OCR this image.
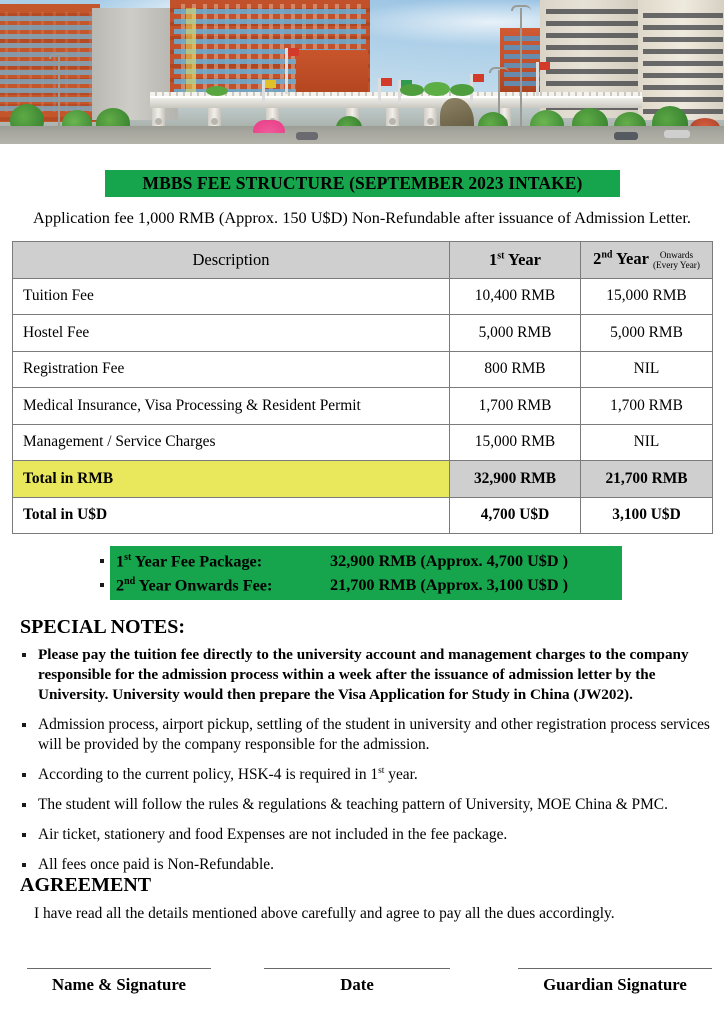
MBBS FEE STRUCTURE (SEPTEMBER 2023 INTAKE)
Application fee 1,000 RMB (Approx. 150 U$D) Non-Refundable after issuance of Admission Letter.
Description	1st Year	2nd Year Onwards
(Every Year)
Tuition Fee	10,400 RMB	15,000 RMB
Hostel Fee	5,000 RMB	5,000 RMB
Registration Fee	800 RMB	NIL
Medical Insurance, Visa Processing & Resident Permit	1,700 RMB	1,700 RMB
Management / Service Charges	15,000 RMB	NIL
Total in RMB	32,900 RMB	21,700 RMB
Total in U$D	4,700 U$D	3,100 U$D
1st Year Fee Package:	32,900 RMB (Approx. 4,700 U$D )
2nd Year Onwards Fee:	21,700 RMB (Approx. 3,100 U$D )
SPECIAL NOTES:
Please pay the tuition fee directly to the university account and management charges to the company responsible for the admission process within a week after the issuance of admission letter by the University. University would then prepare the Visa Application for Study in China (JW202).
Admission process, airport pickup, settling of the student in university and other registration process services will be provided by the company responsible for the admission.
According to the current policy, HSK-4 is required in 1st year.
The student will follow the rules & regulations & teaching pattern of University, MOE China & PMC.
Air ticket, stationery and food Expenses are not included in the fee package.
All fees once paid is Non-Refundable.
AGREEMENT
I have read all the details mentioned above carefully and agree to pay all the dues accordingly.
Name & Signature	Date	Guardian Signature
